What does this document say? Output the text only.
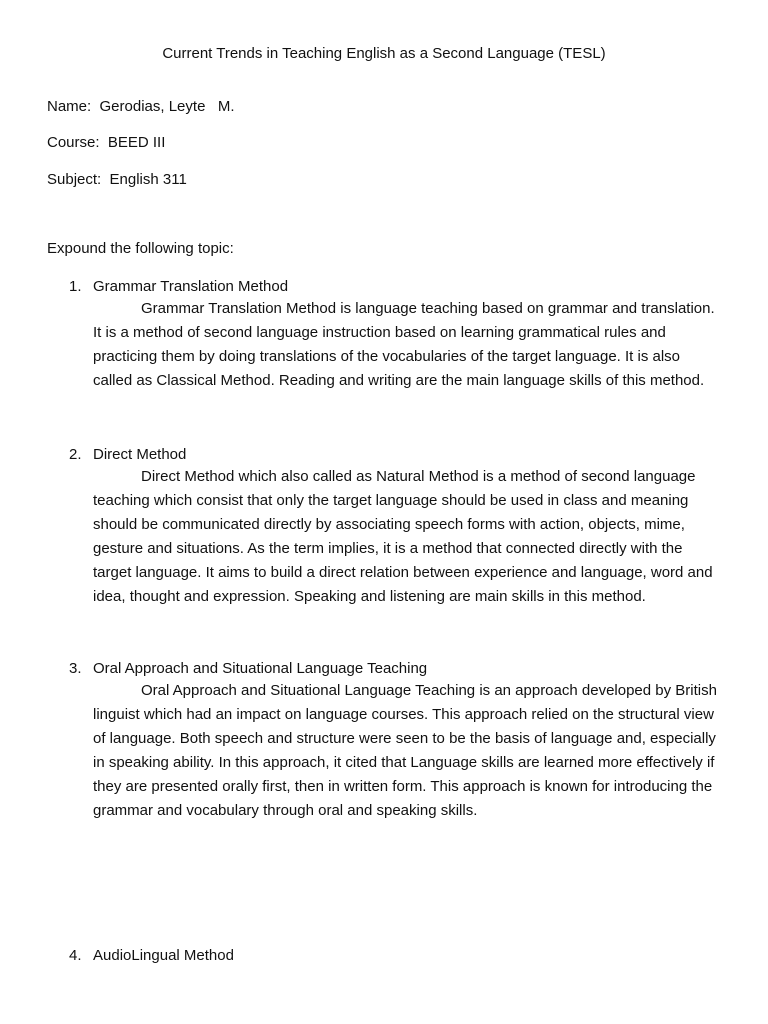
Current Trends in Teaching English as a Second Language (TESL)
Name:  Gerodias, Leyte   M.
Course:  BEED III
Subject:  English 311
Expound the following topic:
1. Grammar Translation Method
Grammar Translation Method is language teaching based on grammar and translation. It is a method of second language instruction based on learning grammatical rules and practicing them by doing translations of the vocabularies of the target language. It is also called as Classical Method. Reading and writing are the main language skills of this method.
2. Direct Method
Direct Method which also called as Natural Method is a method of second language teaching which consist that only the target language should be used in class and meaning should be communicated directly by associating speech forms with action, objects, mime, gesture and situations. As the term implies, it is a method that connected directly with the target language. It aims to build a direct relation between experience and language, word and idea, thought and expression. Speaking and listening are main skills in this method.
3. Oral Approach and Situational Language Teaching
Oral Approach and Situational Language Teaching is an approach developed by British linguist which had an impact on language courses. This approach relied on the structural view of language. Both speech and structure were seen to be the basis of language and, especially in speaking ability. In this approach, it cited that Language skills are learned more effectively if they are presented orally first, then in written form. This approach is known for introducing the grammar and vocabulary through oral and speaking skills.
4. AudioLingual Method
